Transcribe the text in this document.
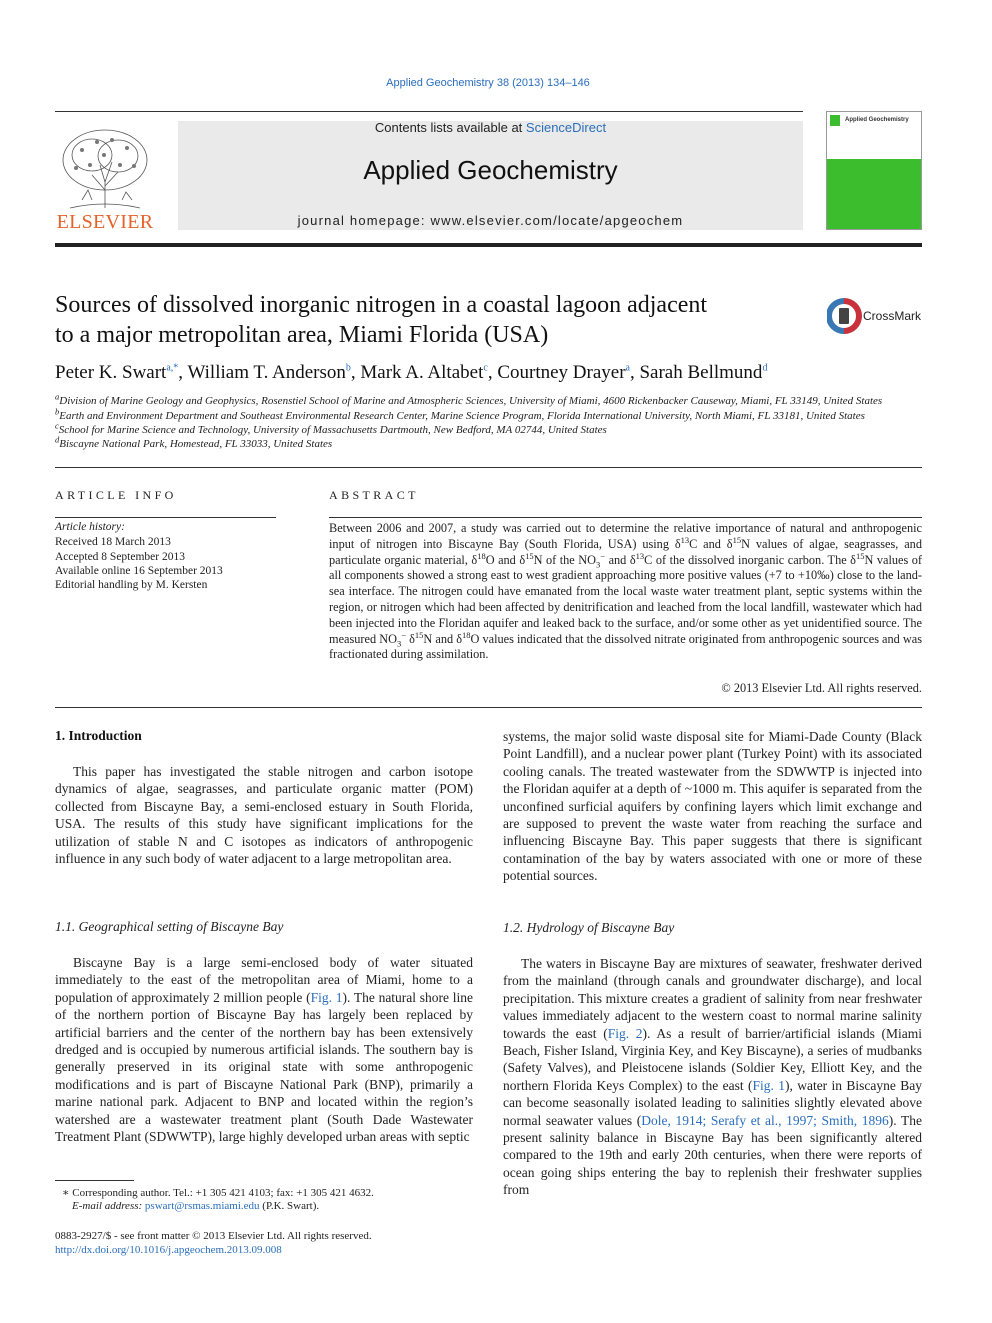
Applied Geochemistry 38 (2013) 134–146
ELSEVIER
Contents lists available at ScienceDirect
Applied Geochemistry
journal homepage: www.elsevier.com/locate/apgeochem
Applied Geochemistry
Sources of dissolved inorganic nitrogen in a coastal lagoon adjacent
to a major metropolitan area, Miami Florida (USA)
CrossMark
Peter K. Swart$^{a,*}$, William T. Anderson$^b$, Mark A. Altabet$^c$, Courtney Drayer$^a$, Sarah Bellmund$^d$
$^a$Division of Marine Geology and Geophysics, Rosenstiel School of Marine and Atmospheric Sciences, University of Miami, 4600 Rickenbacker Causeway, Miami, FL 33149, United States
$^b$Earth and Environment Department and Southeast Environmental Research Center, Marine Science Program, Florida International University, North Miami, FL 33181, United States
$^c$School for Marine Science and Technology, University of Massachusetts Dartmouth, New Bedford, MA 02744, United States
$^d$Biscayne National Park, Homestead, FL 33033, United States
ARTICLE INFO
Article history:
Received 18 March 2013
Accepted 8 September 2013
Available online 16 September 2013
Editorial handling by M. Kersten
ABSTRACT
Between 2006 and 2007, a study was carried out to determine the relative importance of natural and anthropogenic input of nitrogen into Biscayne Bay (South Florida, USA) using $\delta^{13}C$ and $\delta^{15}N$ values of algae, seagrasses, and particulate organic material, $\delta^{18}O$ and $\delta^{15}N$ of the $NO_3^-$ and $\delta^{13}C$ of the dissolved inorganic carbon. The $\delta^{15}N$ values of all components showed a strong east to west gradient approaching more positive values (+7 to +10‰) close to the land-sea interface. The nitrogen could have emanated from the local waste water treatment plant, septic systems within the region, or nitrogen which had been affected by denitrification and leached from the local landfill, wastewater which had been injected into the Floridan aquifer and leaked back to the surface, and/or some other as yet unidentified source. The measured $NO_3^-$ $\delta^{15}N$ and $\delta^{18}O$ values indicated that the dissolved nitrate originated from anthropogenic sources and was fractionated during assimilation.
© 2013 Elsevier Ltd. All rights reserved.
1. Introduction
This paper has investigated the stable nitrogen and carbon isotope dynamics of algae, seagrasses, and particulate organic matter (POM) collected from Biscayne Bay, a semi-enclosed estuary in South Florida, USA. The results of this study have significant implications for the utilization of stable N and C isotopes as indicators of anthropogenic influence in any such body of water adjacent to a large metropolitan area.
1.1. Geographical setting of Biscayne Bay
Biscayne Bay is a large semi-enclosed body of water situated immediately to the east of the metropolitan area of Miami, home to a population of approximately 2 million people (Fig. 1). The natural shore line of the northern portion of Biscayne Bay has largely been replaced by artificial barriers and the center of the northern bay has been extensively dredged and is occupied by numerous artificial islands. The southern bay is generally preserved in its original state with some anthropogenic modifications and is part of Biscayne National Park (BNP), primarily a marine national park. Adjacent to BNP and located within the region’s watershed are a wastewater treatment plant (South Dade Wastewater Treatment Plant (SDWWTP), large highly developed urban areas with septic
systems, the major solid waste disposal site for Miami-Dade County (Black Point Landfill), and a nuclear power plant (Turkey Point) with its associated cooling canals. The treated wastewater from the SDWWTP is injected into the Floridan aquifer at a depth of ~1000 m. This aquifer is separated from the unconfined surficial aquifers by confining layers which limit exchange and are supposed to prevent the waste water from reaching the surface and influencing Biscayne Bay. This paper suggests that there is significant contamination of the bay by waters associated with one or more of these potential sources.
1.2. Hydrology of Biscayne Bay
The waters in Biscayne Bay are mixtures of seawater, freshwater derived from the mainland (through canals and groundwater discharge), and local precipitation. This mixture creates a gradient of salinity from near freshwater values immediately adjacent to the western coast to normal marine salinity towards the east (Fig. 2). As a result of barrier/artificial islands (Miami Beach, Fisher Island, Virginia Key, and Key Biscayne), a series of mudbanks (Safety Valves), and Pleistocene islands (Soldier Key, Elliott Key, and the northern Florida Keys Complex) to the east (Fig. 1), water in Biscayne Bay can become seasonally isolated leading to salinities slightly elevated above normal seawater values (Dole, 1914; Serafy et al., 1997; Smith, 1896). The present salinity balance in Biscayne Bay has been significantly altered compared to the 19th and early 20th centuries, when there were reports of ocean going ships entering the bay to replenish their freshwater supplies from
∗ Corresponding author. Tel.: +1 305 421 4103; fax: +1 305 421 4632.
E-mail address: pswart@rsmas.miami.edu (P.K. Swart).
0883-2927/$ - see front matter © 2013 Elsevier Ltd. All rights reserved.
http://dx.doi.org/10.1016/j.apgeochem.2013.09.008
